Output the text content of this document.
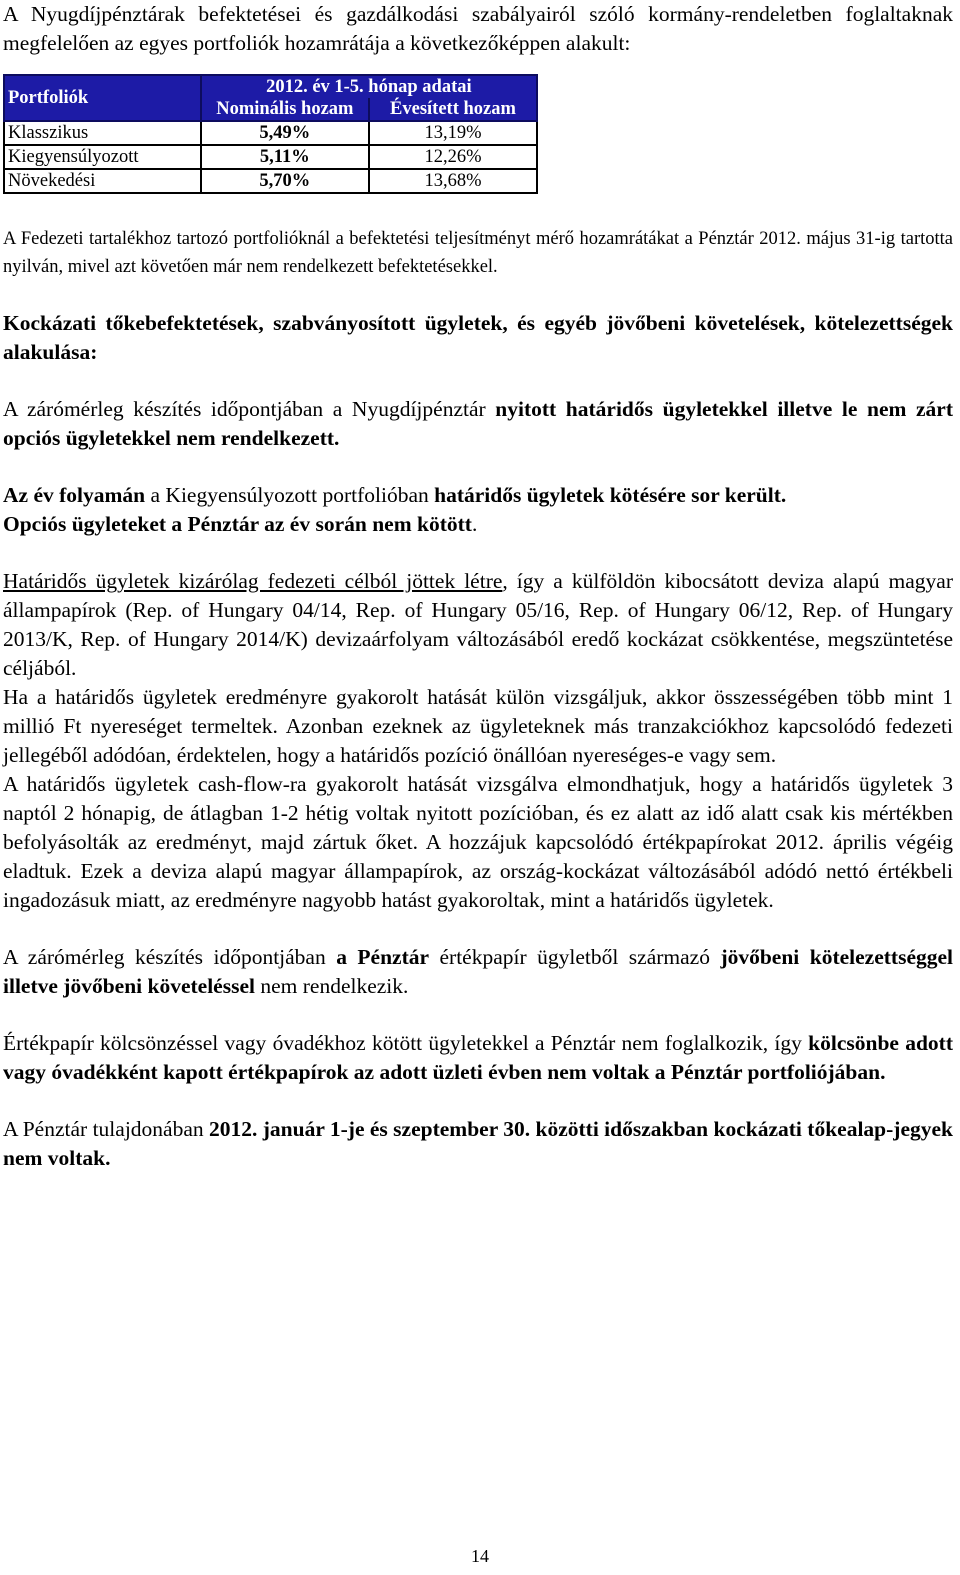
A Nyugdíjpénztárak befektetései és gazdálkodási szabályairól szóló kormány-rendeletben foglaltaknak megfelelően az egyes portfoliók hozamrátája a következőképpen alakult:

Portfoliók	2012. év 1-5. hónap adatai	
	Nominális hozam	Évesített hozam
Klasszikus	5,49%	13,19%
Kiegyensúlyozott	5,11%	12,26%
Növekedési	5,70%	13,68%

A Fedezeti tartalékhoz tartozó portfolióknál a befektetési teljesítményt mérő hozamrátákat a Pénztár 2012. május 31-ig tartotta nyilván, mivel azt követően már nem rendelkezett befektetésekkel.

Kockázati tőkebefektetések, szabványosított ügyletek, és egyéb jövőbeni követelések, kötelezettségek alakulása:

A zárómérleg készítés időpontjában a Nyugdíjpénztár nyitott határidős ügyletekkel illetve le nem zárt opciós ügyletekkel nem rendelkezett.

Az év folyamán a Kiegyensúlyozott portfolióban határidős ügyletek kötésére sor került.
Opciós ügyleteket a Pénztár az év során nem kötött.

Határidős ügyletek kizárólag fedezeti célból jöttek létre, így a külföldön kibocsátott deviza alapú magyar állampapírok (Rep. of Hungary 04/14, Rep. of Hungary 05/16, Rep. of Hungary 06/12, Rep. of Hungary 2013/K, Rep. of Hungary 2014/K) devizaárfolyam változásából eredő kockázat csökkentése, megszüntetése céljából.

Ha a határidős ügyletek eredményre gyakorolt hatását külön vizsgáljuk, akkor összességében több mint 1 millió Ft nyereséget termeltek. Azonban ezeknek az ügyleteknek más tranzakciókhoz kapcsolódó fedezeti jellegéből adódóan, érdektelen, hogy a határidős pozíció önállóan nyereséges-e vagy sem.

A határidős ügyletek cash-flow-ra gyakorolt hatását vizsgálva elmondhatjuk, hogy a határidős ügyletek 3 naptól 2 hónapig, de átlagban 1-2 hétig voltak nyitott pozícióban, és ez alatt az idő alatt csak kis mértékben befolyásolták az eredményt, majd zártuk őket. A hozzájuk kapcsolódó értékpapírokat 2012. április végéig eladtuk. Ezek a deviza alapú magyar állampapírok, az ország-kockázat változásából adódó nettó értékbeli ingadozásuk miatt, az eredményre nagyobb hatást gyakoroltak, mint a határidős ügyletek.

A zárómérleg készítés időpontjában a Pénztár értékpapír ügyletből származó jövőbeni kötelezettséggel illetve jövőbeni követeléssel nem rendelkezik.

Értékpapír kölcsönzéssel vagy óvadékhoz kötött ügyletekkel a Pénztár nem foglalkozik, így kölcsönbe adott vagy óvadékként kapott értékpapírok az adott üzleti évben nem voltak a Pénztár portfoliójában.

A Pénztár tulajdonában 2012. január 1-je és szeptember 30. közötti időszakban kockázati tőkealap-jegyek nem voltak.

14
